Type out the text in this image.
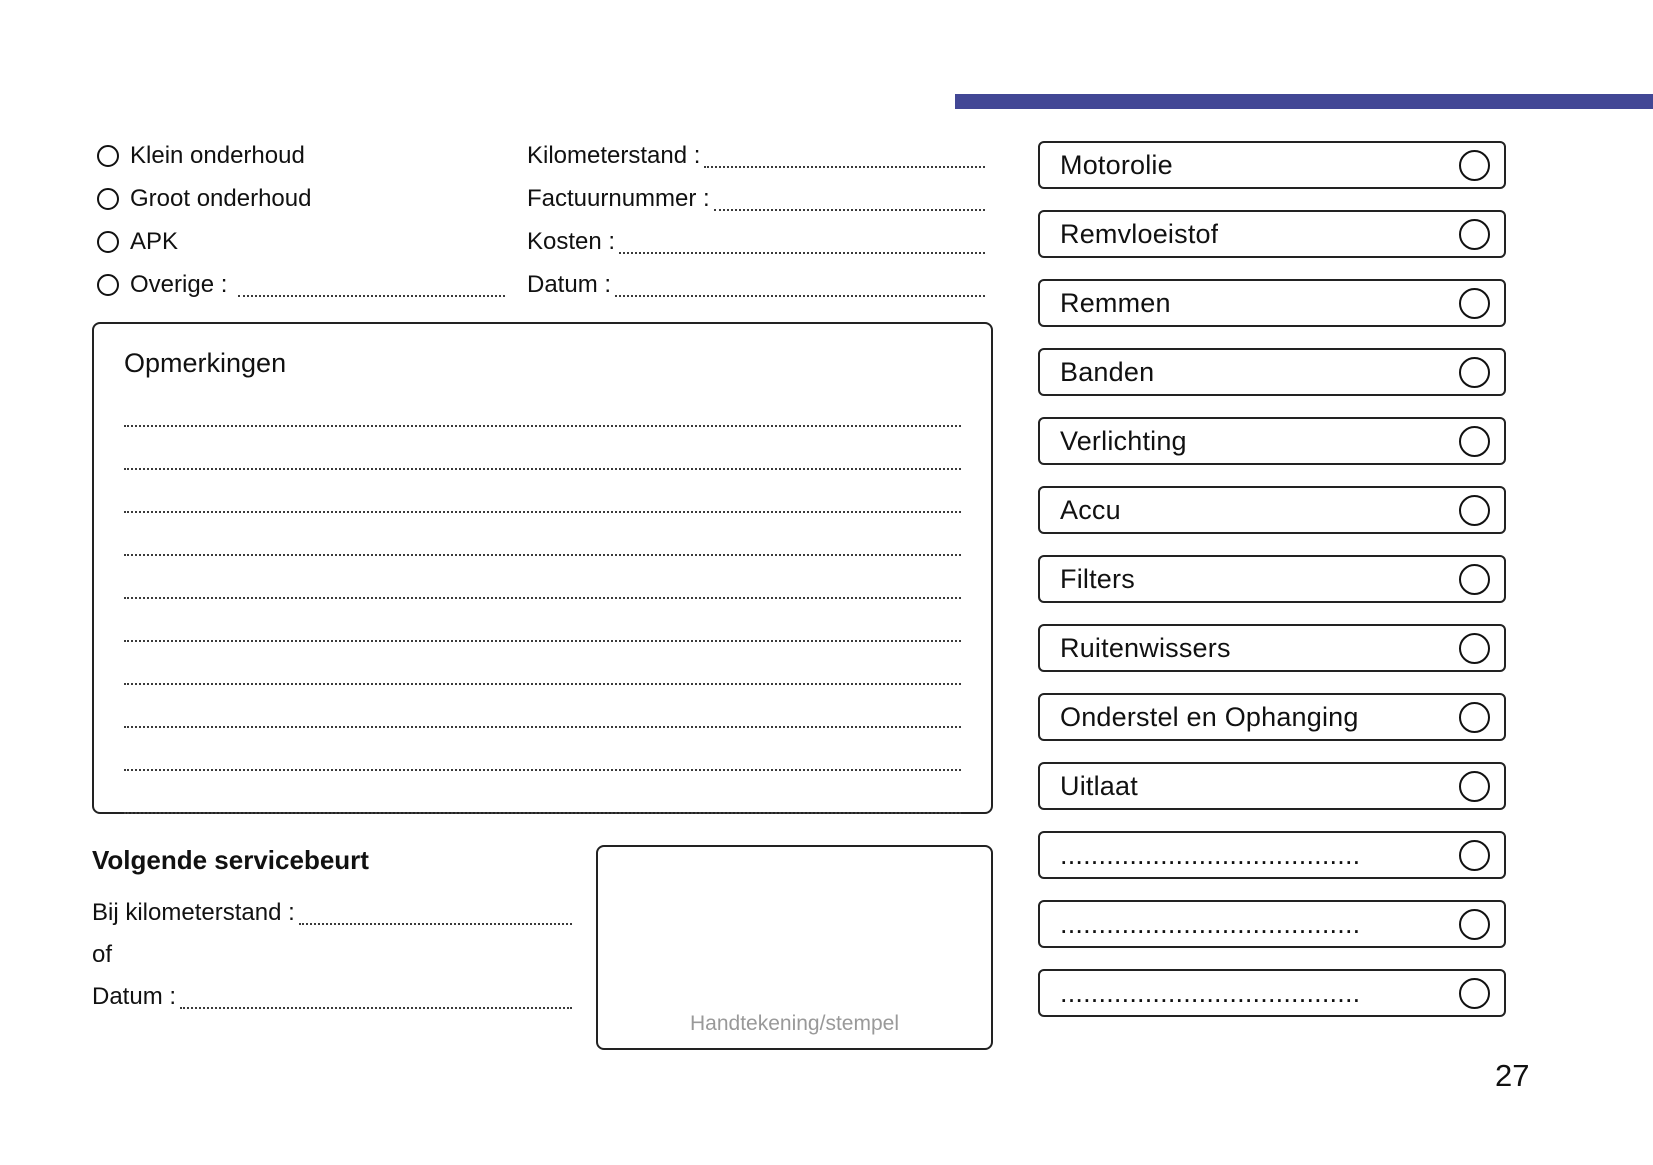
Klein onderhoud
Groot onderhoud
APK
Overige :
Kilometerstand :
Factuurnummer :
Kosten :
Datum :
Opmerkingen
Volgende servicebeurt
Bij kilometerstand :
of
Datum :
Handtekening/stempel
Motorolie
Remvloeistof
Remmen
Banden
Verlichting
Accu
Filters
Ruitenwissers
Onderstel en Ophanging
Uitlaat
.......................................
.......................................
.......................................
27
